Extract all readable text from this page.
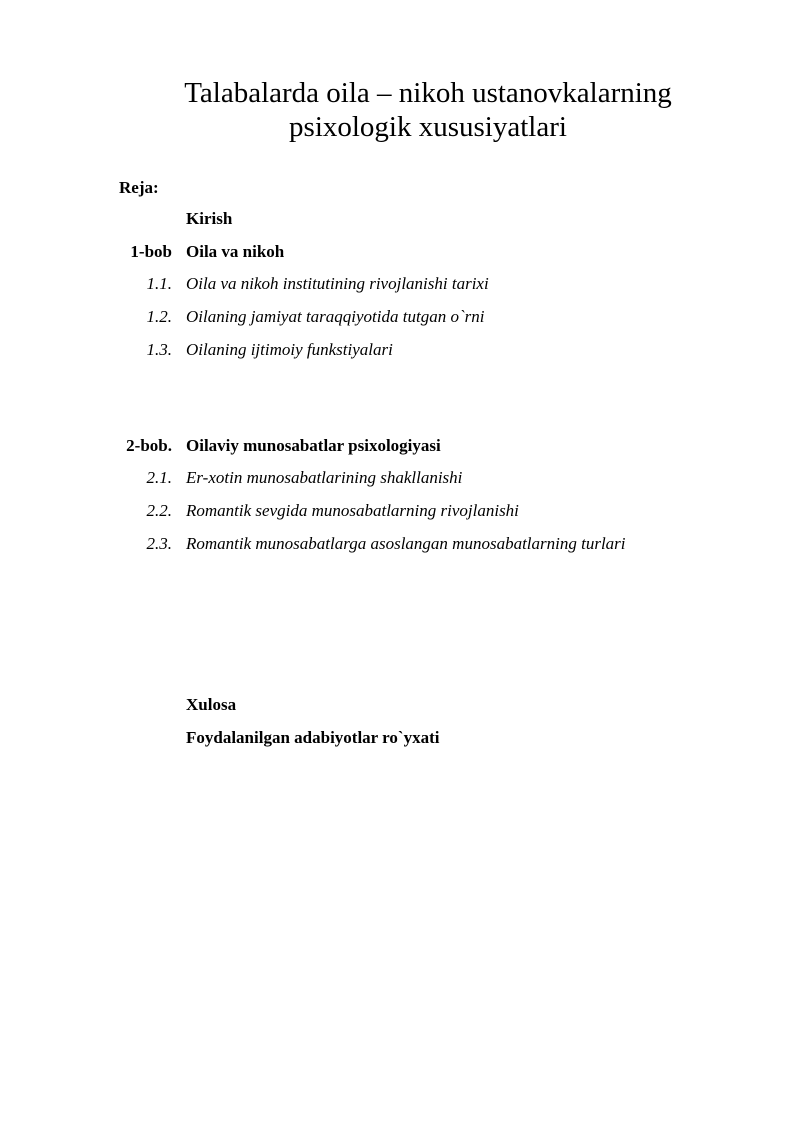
Talabalarda oila – nikoh ustanovkalarning
psixologik xususiyatlari
Reja:
Kirish
1-bob Oila va nikoh
1.1. Oila va nikoh institutining rivojlanishi tarixi
1.2. Oilaning jamiyat taraqqiyotida tutgan o`rni
1.3. Oilaning ijtimoiy funkstiyalari
2-bob. Oilaviy munosabatlar psixologiyasi
2.1. Er-xotin munosabatlarining shakllanishi
2.2. Romantik sevgida munosabatlarning rivojlanishi
2.3. Romantik munosabatlarga asoslangan munosabatlarning turlari
Xulosa
Foydalanilgan adabiyotlar ro`yxati
